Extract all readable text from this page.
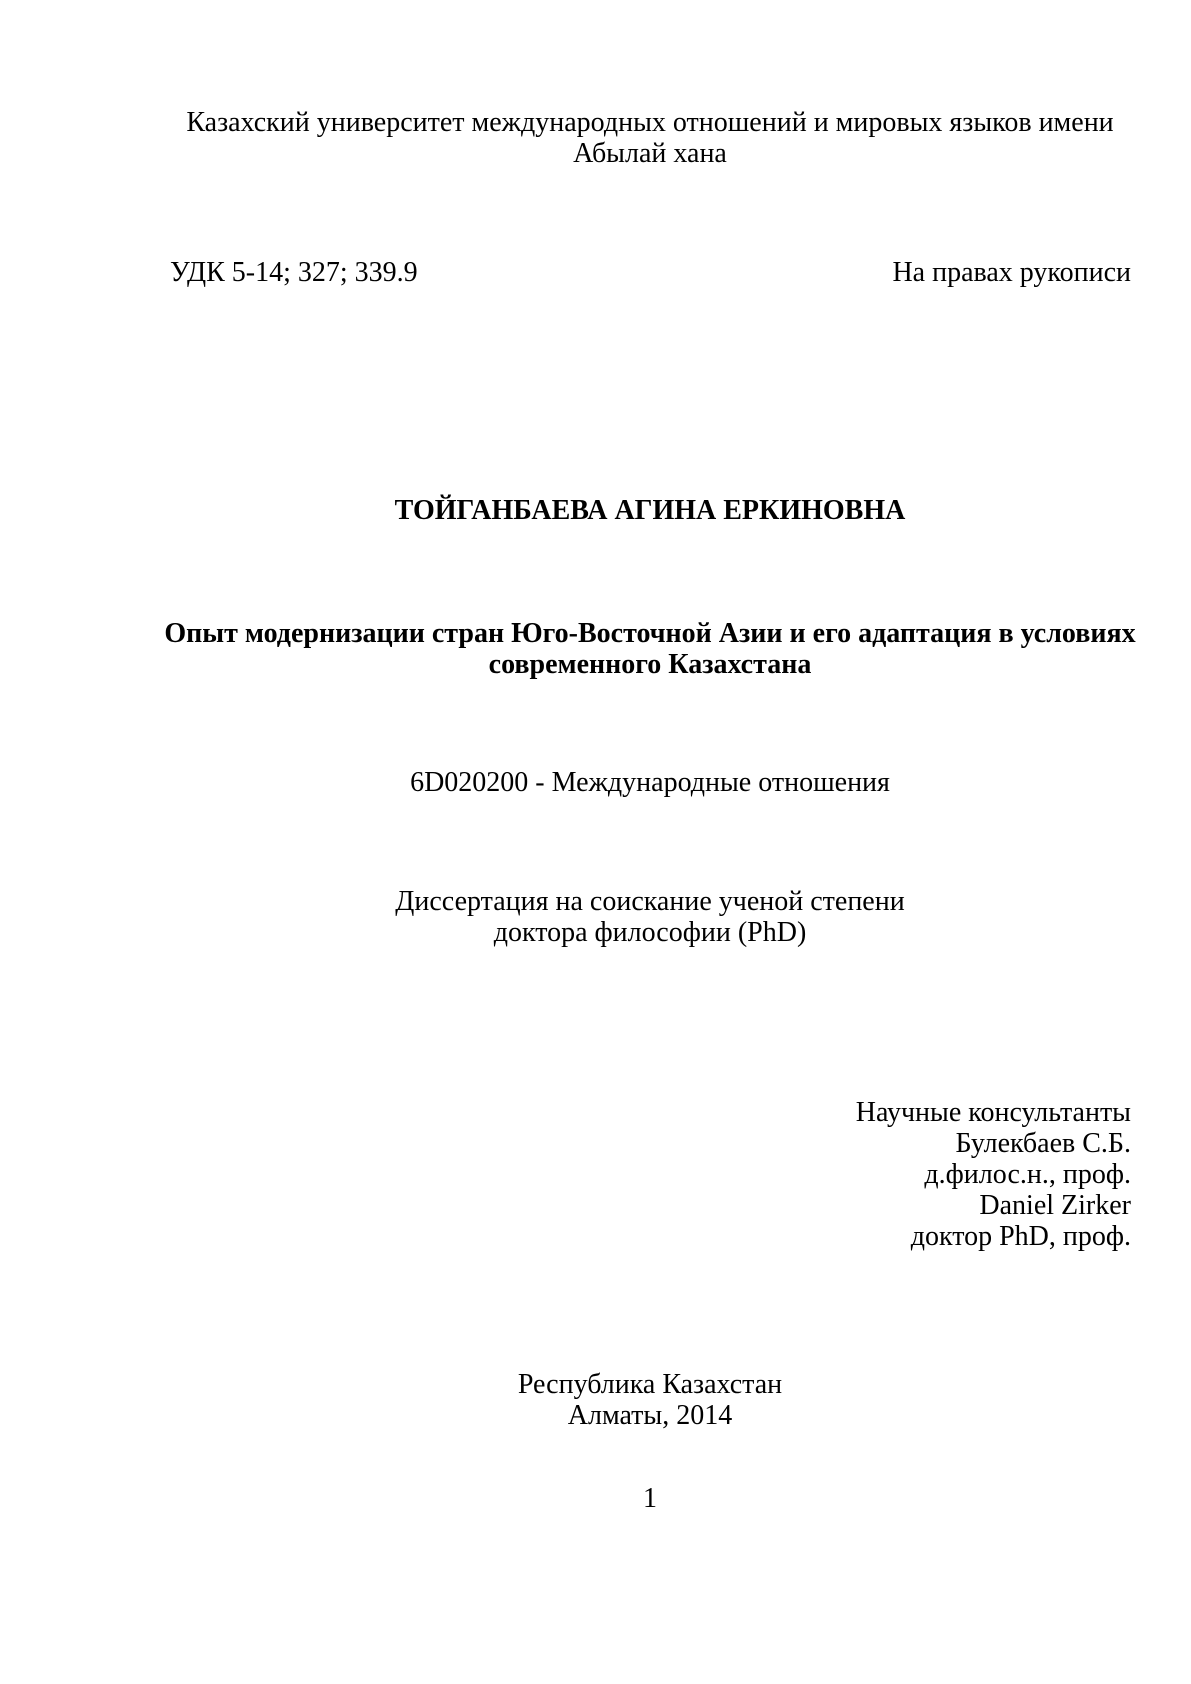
Казахский университет международных отношений и мировых языков имени
Абылай хана
УДК 5-14; 327; 339.9	На правах рукописи
ТОЙГАНБАЕВА АГИНА ЕРКИНОВНА
Опыт модернизации стран Юго-Восточной Азии и его адаптация в условиях
современного Казахстана
6D020200 - Международные отношения
Диссертация на соискание ученой степени
доктора философии (PhD)
Научные консультанты
Булекбаев С.Б.
д.филос.н., проф.
Daniel Zirker
доктор PhD, проф.
Республика Казахстан
Алматы, 2014
1
